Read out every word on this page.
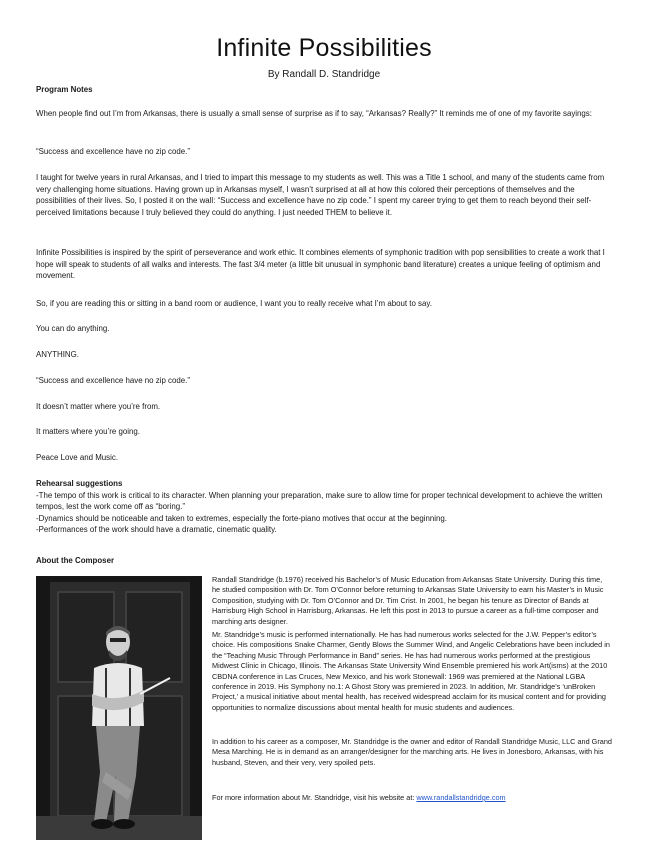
Infinite Possibilities
By Randall D. Standridge

Program Notes

When people find out I’m from Arkansas, there is usually a small sense of surprise as if to say, “Arkansas? Really?” It reminds me of one of my favorite sayings:
“Success and excellence have no zip code.”
I taught for twelve years in rural Arkansas, and I tried to impart this message to my students as well. This was a Title 1 school, and many of the students came from very challenging home situations. Having grown up in Arkansas myself, I wasn’t surprised at all at how this colored their perceptions of themselves and the possibilities of their lives. So, I posted it on the wall: “Success and excellence have no zip code.” I spent my career trying to get them to reach beyond their self-perceived limitations because I truly believed they could do anything. I just needed THEM to believe it.
Infinite Possibilities is inspired by the spirit of perseverance and work ethic. It combines elements of symphonic tradition with pop sensibilities to create a work that I hope will speak to students of all walks and interests. The fast 3/4 meter (a little bit unusual in symphonic band literature) creates a unique feeling of optimism and movement.
So, if you are reading this or sitting in a band room or audience, I want you to really receive what I’m about to say.
You can do anything.
ANYTHING.
“Success and excellence have no zip code.”
It doesn’t matter where you’re from.
It matters where you’re going.
Peace Love and Music.

Rehearsal suggestions

-The tempo of this work is critical to its character. When planning your preparation, make sure to allow time for proper technical development to achieve the written tempos, lest the work come off as “boring.”

-Dynamics should be noticeable and taken to extremes, especially the forte-piano motives that occur at the beginning.

-Performances of the work should have a dramatic, cinematic quality.

About the Composer

Randall Standridge (b.1976) received his Bachelor’s of Music Education from Arkansas State University. During this time, he studied composition with Dr. Tom O’Connor before returning to Arkansas State University to earn his Master’s in Music Composition, studying with Dr. Tom O’Connor and Dr. Tim Crist. In 2001, he began his tenure as Director of Bands at Harrisburg High School in Harrisburg, Arkansas. He left this post in 2013 to pursue a career as a full-time composer and marching arts designer.
Mr. Standridge’s music is performed internationally. He has had numerous works selected for the J.W. Pepper’s editor’s choice. His compositions Snake Charmer, Gently Blows the Summer Wind, and Angelic Celebrations have been included in the “Teaching Music Through Performance in Band” series. He has had numerous works performed at the prestigious Midwest Clinic in Chicago, Illinois. The Arkansas State University Wind Ensemble premiered his work Art(isms) at the 2010 CBDNA conference in Las Cruces, New Mexico, and his work Stonewall: 1969 was premiered at the National LGBA conference in 2019. His Symphony no.1: A Ghost Story was premiered in 2023. In addition, Mr. Standridge’s ‘unBroken Project,’ a musical initiative about mental health, has received widespread acclaim for its musical content and for providing opportunities to normalize discussions about mental health for music students and audiences.
In addition to his career as a composer, Mr. Standridge is the owner and editor of Randall Standridge Music, LLC and Grand Mesa Marching. He is in demand as an arranger/designer for the marching arts. He lives in Jonesboro, Arkansas, with his husband, Steven, and their very, very spoiled pets.
For more information about Mr. Standridge, visit his website at: www.randallstandridge.com
